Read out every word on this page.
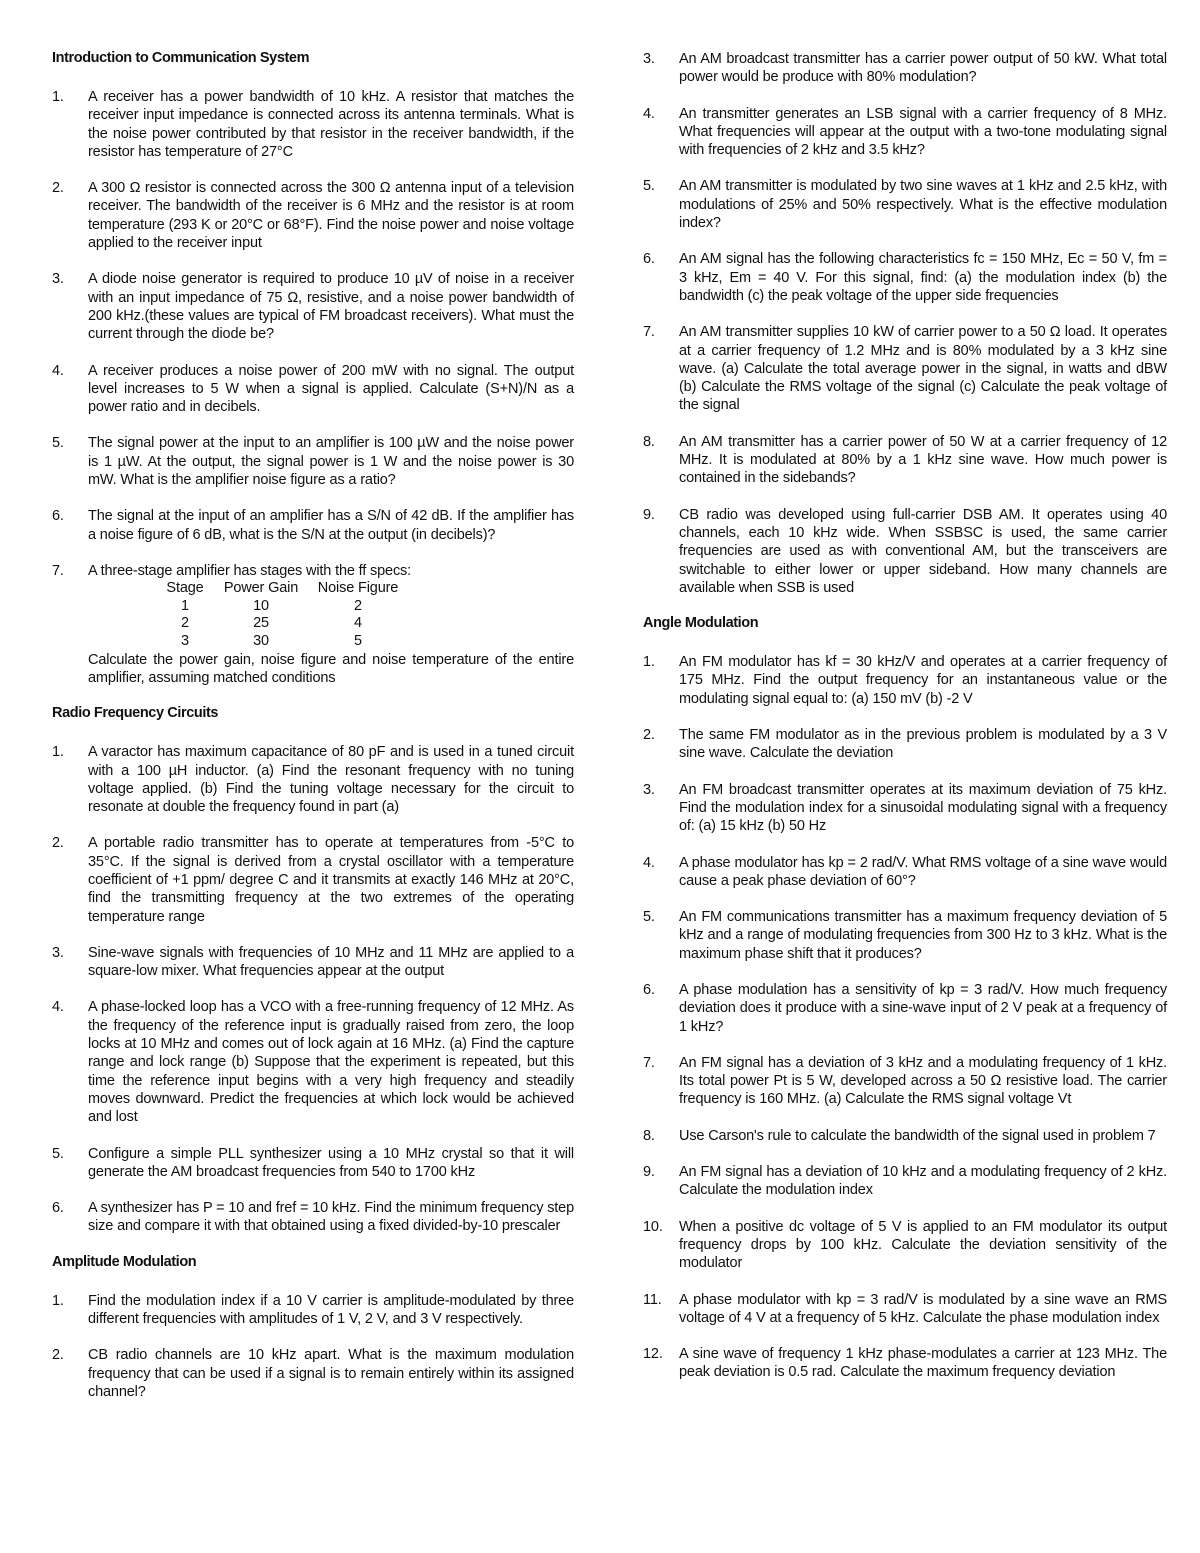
Introduction to Communication System
1. A receiver has a power bandwidth of 10 kHz. A resistor that matches the receiver input impedance is connected across its antenna terminals. What is the noise power contributed by that resistor in the receiver bandwidth, if the resistor has temperature of 27°C
2. A 300 Ω resistor is connected across the 300 Ω antenna input of a television receiver. The bandwidth of the receiver is 6 MHz and the resistor is at room temperature (293 K or 20°C or 68°F). Find the noise power and noise voltage applied to the receiver input
3. A diode noise generator is required to produce 10 µV of noise in a receiver with an input impedance of 75 Ω, resistive, and a noise power bandwidth of 200 kHz.(these values are typical of FM broadcast receivers). What must the current through the diode be?
4. A receiver produces a noise power of 200 mW with no signal. The output level increases to 5 W when a signal is applied. Calculate (S+N)/N as a power ratio and in decibels.
5. The signal power at the input to an amplifier is 100 µW and the noise power is 1 µW. At the output, the signal power is 1 W and the noise power is 30 mW. What is the amplifier noise figure as a ratio?
6. The signal at the input of an amplifier has a S/N of 42 dB. If the amplifier has a noise figure of 6 dB, what is the S/N at the output (in decibels)?
7. A three-stage amplifier has stages with the ff specs:
Stage	Power Gain	Noise Figure
1	10	2
2	25	4
3	30	5
Calculate the power gain, noise figure and noise temperature of the entire amplifier, assuming matched conditions
Radio Frequency Circuits
1. A varactor has maximum capacitance of 80 pF and is used in a tuned circuit with a 100 µH inductor. (a) Find the resonant frequency with no tuning voltage applied. (b) Find the tuning voltage necessary for the circuit to resonate at double the frequency found in part (a)
2. A portable radio transmitter has to operate at temperatures from -5°C to 35°C. If the signal is derived from a crystal oscillator with a temperature coefficient of +1 ppm/ degree C and it transmits at exactly 146 MHz at 20°C, find the transmitting frequency at the two extremes of the operating temperature range
3. Sine-wave signals with frequencies of 10 MHz and 11 MHz are applied to a square-low mixer. What frequencies appear at the output
4. A phase-locked loop has a VCO with a free-running frequency of 12 MHz. As the frequency of the reference input is gradually raised from zero, the loop locks at 10 MHz and comes out of lock again at 16 MHz. (a) Find the capture range and lock range (b) Suppose that the experiment is repeated, but this time the reference input begins with a very high frequency and steadily moves downward. Predict the frequencies at which lock would be achieved and lost
5. Configure a simple PLL synthesizer using a 10 MHz crystal so that it will generate the AM broadcast frequencies from 540 to 1700 kHz
6. A synthesizer has P = 10 and fref = 10 kHz. Find the minimum frequency step size and compare it with that obtained using a fixed divided-by-10 prescaler
Amplitude Modulation
1. Find the modulation index if a 10 V carrier is amplitude-modulated by three different frequencies with amplitudes of 1 V, 2 V, and 3 V respectively.
2. CB radio channels are 10 kHz apart. What is the maximum modulation frequency that can be used if a signal is to remain entirely within its assigned channel?
3. An AM broadcast transmitter has a carrier power output of 50 kW. What total power would be produce with 80% modulation?
4. An transmitter generates an LSB signal with a carrier frequency of 8 MHz. What frequencies will appear at the output with a two-tone modulating signal with frequencies of 2 kHz and 3.5 kHz?
5. An AM transmitter is modulated by two sine waves at 1 kHz and 2.5 kHz, with modulations of 25% and 50% respectively. What is the effective modulation index?
6. An AM signal has the following characteristics fc = 150 MHz, Ec = 50 V, fm = 3 kHz, Em = 40 V. For this signal, find: (a) the modulation index (b) the bandwidth (c) the peak voltage of the upper side frequencies
7. An AM transmitter supplies 10 kW of carrier power to a 50 Ω load. It operates at a carrier frequency of 1.2 MHz and is 80% modulated by a 3 kHz sine wave. (a) Calculate the total average power in the signal, in watts and dBW (b) Calculate the RMS voltage of the signal (c) Calculate the peak voltage of the signal
8. An AM transmitter has a carrier power of 50 W at a carrier frequency of 12 MHz. It is modulated at 80% by a 1 kHz sine wave. How much power is contained in the sidebands?
9. CB radio was developed using full-carrier DSB AM. It operates using 40 channels, each 10 kHz wide. When SSBSC is used, the same carrier frequencies are used as with conventional AM, but the transceivers are switchable to either lower or upper sideband. How many channels are available when SSB is used
Angle Modulation
1. An FM modulator has kf = 30 kHz/V and operates at a carrier frequency of 175 MHz. Find the output frequency for an instantaneous value or the modulating signal equal to: (a) 150 mV (b) -2 V
2. The same FM modulator as in the previous problem is modulated by a 3 V sine wave. Calculate the deviation
3. An FM broadcast transmitter operates at its maximum deviation of 75 kHz. Find the modulation index for a sinusoidal modulating signal with a frequency of: (a) 15 kHz (b) 50 Hz
4. A phase modulator has kp = 2 rad/V. What RMS voltage of a sine wave would cause a peak phase deviation of 60°?
5. An FM communications transmitter has a maximum frequency deviation of 5 kHz and a range of modulating frequencies from 300 Hz to 3 kHz. What is the maximum phase shift that it produces?
6. A phase modulation has a sensitivity of kp = 3 rad/V. How much frequency deviation does it produce with a sine-wave input of 2 V peak at a frequency of 1 kHz?
7. An FM signal has a deviation of 3 kHz and a modulating frequency of 1 kHz. Its total power Pt is 5 W, developed across a 50 Ω resistive load. The carrier frequency is 160 MHz. (a) Calculate the RMS signal voltage Vt
8. Use Carson's rule to calculate the bandwidth of the signal used in problem 7
9. An FM signal has a deviation of 10 kHz and a modulating frequency of 2 kHz. Calculate the modulation index
10. When a positive dc voltage of 5 V is applied to an FM modulator its output frequency drops by 100 kHz. Calculate the deviation sensitivity of the modulator
11. A phase modulator with kp = 3 rad/V is modulated by a sine wave an RMS voltage of 4 V at a frequency of 5 kHz. Calculate the phase modulation index
12. A sine wave of frequency 1 kHz phase-modulates a carrier at 123 MHz. The peak deviation is 0.5 rad. Calculate the maximum frequency deviation
